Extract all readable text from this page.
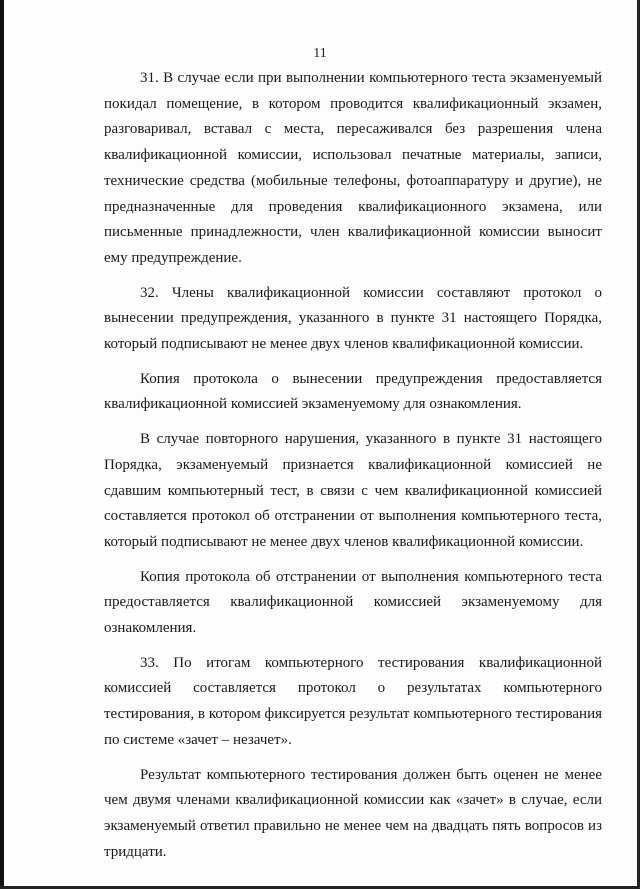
11

31. В случае если при выполнении компьютерного теста экзаменуемый покидал помещение, в котором проводится квалификационный экзамен, разговаривал, вставал с места, пересаживался без разрешения члена квалификационной комиссии, использовал печатные материалы, записи, технические средства (мобильные телефоны, фотоаппаратуру и другие), не предназначенные для проведения квалификационного экзамена, или письменные принадлежности, член квалификационной комиссии выносит ему предупреждение.

32. Члены квалификационной комиссии составляют протокол о вынесении предупреждения, указанного в пункте 31 настоящего Порядка, который подписывают не менее двух членов квалификационной комиссии.

Копия протокола о вынесении предупреждения предоставляется квалификационной комиссией экзаменуемому для ознакомления.

В случае повторного нарушения, указанного в пункте 31 настоящего Порядка, экзаменуемый признается квалификационной комиссией не сдавшим компьютерный тест, в связи с чем квалификационной комиссией составляется протокол об отстранении от выполнения компьютерного теста, который подписывают не менее двух членов квалификационной комиссии.

Копия протокола об отстранении от выполнения компьютерного теста предоставляется квалификационной комиссией экзаменуемому для ознакомления.

33. По итогам компьютерного тестирования квалификационной комиссией составляется протокол о результатах компьютерного тестирования, в котором фиксируется результат компьютерного тестирования по системе «зачет – незачет».

Результат компьютерного тестирования должен быть оценен не менее чем двумя членами квалификационной комиссии как «зачет» в случае, если экзаменуемый ответил правильно не менее чем на двадцать пять вопросов из тридцати.
